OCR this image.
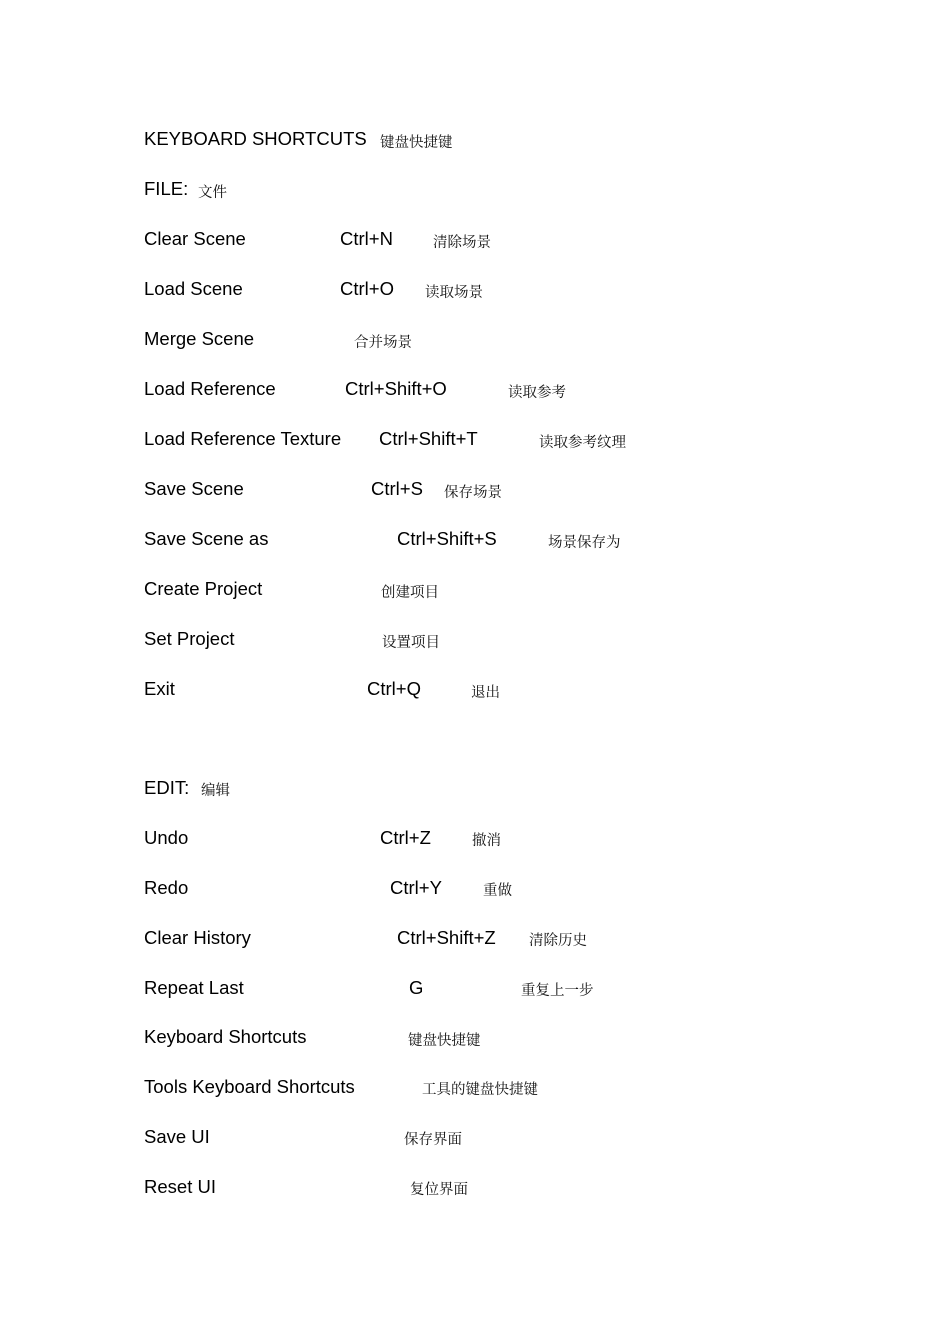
KEYBOARD SHORTCUTS 键盘快捷键
FILE: 文件
Clear Scene	Ctrl+N	清除场景
Load Scene	Ctrl+O 读取场景
Merge Scene	合并场景
Load Reference	Ctrl+Shift+O	读取参考
Load Reference Texture Ctrl+Shift+T	读取参考纹理
Save Scene	Ctrl+S 保存场景
Save Scene as	Ctrl+Shift+S	场景保存为
Create Project	创建项目
Set Project	设置项目
Exit	Ctrl+Q	退出
EDIT: 编辑
Undo	Ctrl+Z	撤消
Redo	Ctrl+Y	重做
Clear History	Ctrl+Shift+Z 清除历史
Repeat Last	G	重复上一步
Keyboard Shortcuts	键盘快捷键
Tools Keyboard Shortcuts	工具的键盘快捷键
Save UI	保存界面
Reset UI	复位界面
